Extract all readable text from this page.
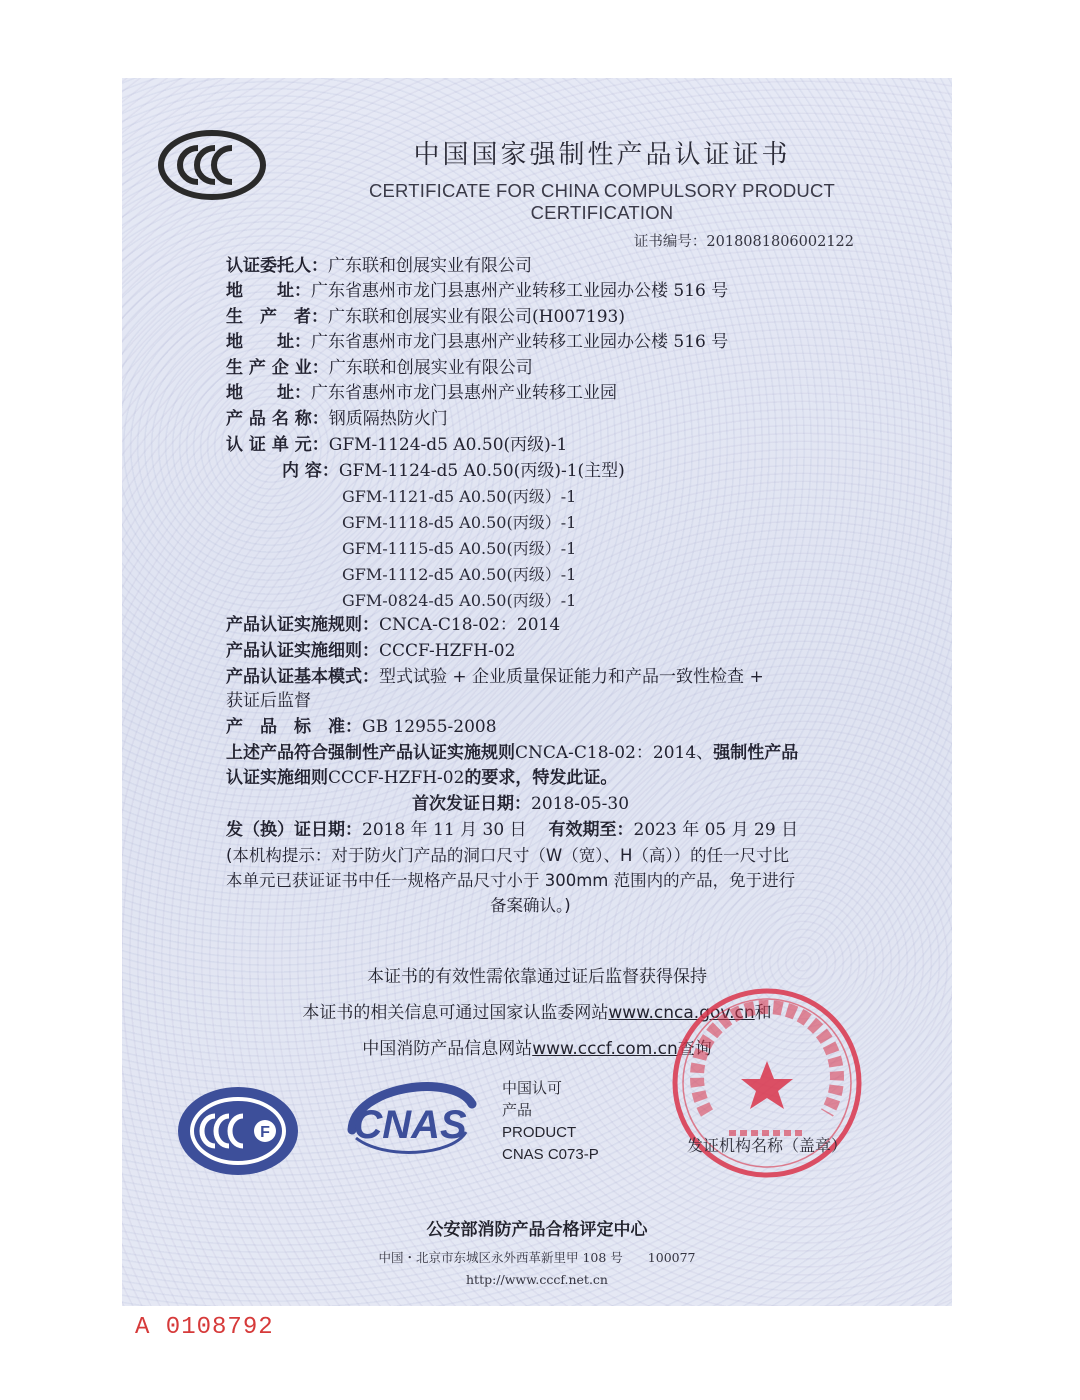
中国国家强制性产品认证证书
CERTIFICATE FOR CHINA COMPULSORY PRODUCT CERTIFICATION
证书编号：2018081806002122
认证委托人：广东联和创展实业有限公司
地　　址：广东省惠州市龙门县惠州产业转移工业园办公楼 516 号
生　产　者：广东联和创展实业有限公司(H007193)
地　　址：广东省惠州市龙门县惠州产业转移工业园办公楼 516 号
生 产 企 业：广东联和创展实业有限公司
地　　址：广东省惠州市龙门县惠州产业转移工业园
产 品 名 称：钢质隔热防火门
认 证 单 元：GFM-1124-d5 A0.50(丙级)-1
内 容：GFM-1124-d5 A0.50(丙级)-1(主型)
GFM-1121-d5 A0.50(丙级）-1
GFM-1118-d5 A0.50(丙级）-1
GFM-1115-d5 A0.50(丙级）-1
GFM-1112-d5 A0.50(丙级）-1
GFM-0824-d5 A0.50(丙级）-1
产品认证实施规则：CNCA-C18-02：2014
产品认证实施细则：CCCF-HZFH-02
产品认证基本模式：型式试验 + 企业质量保证能力和产品一致性检查 +
获证后监督
产　品　标　准：GB 12955-2008
上述产品符合强制性产品认证实施规则CNCA-C18-02：2014、强制性产品
认证实施细则CCCF-HZFH-02的要求，特发此证。
首次发证日期：2018-05-30
发（换）证日期：2018 年 11 月 30 日 有效期至：2023 年 05 月 29 日
(本机构提示：对于防火门产品的洞口尺寸（W（宽）、H（高））的任一尺寸比
本单元已获证证书中任一规格产品尺寸小于 300mm 范围内的产品，免于进行
备案确认。)
本证书的有效性需依靠通过证后监督获得保持
本证书的相关信息可通过国家认监委网站www.cnca.gov.cn和
中国消防产品信息网站www.cccf.com.cn查询
F CNAS
中国认可
产品
PRODUCT
CNAS C073-P	发证机构名称（盖章）
公安部消防产品合格评定中心
中国・北京市东城区永外西革新里甲 108 号　　100077
http://www.cccf.net.cn
A 0108792
